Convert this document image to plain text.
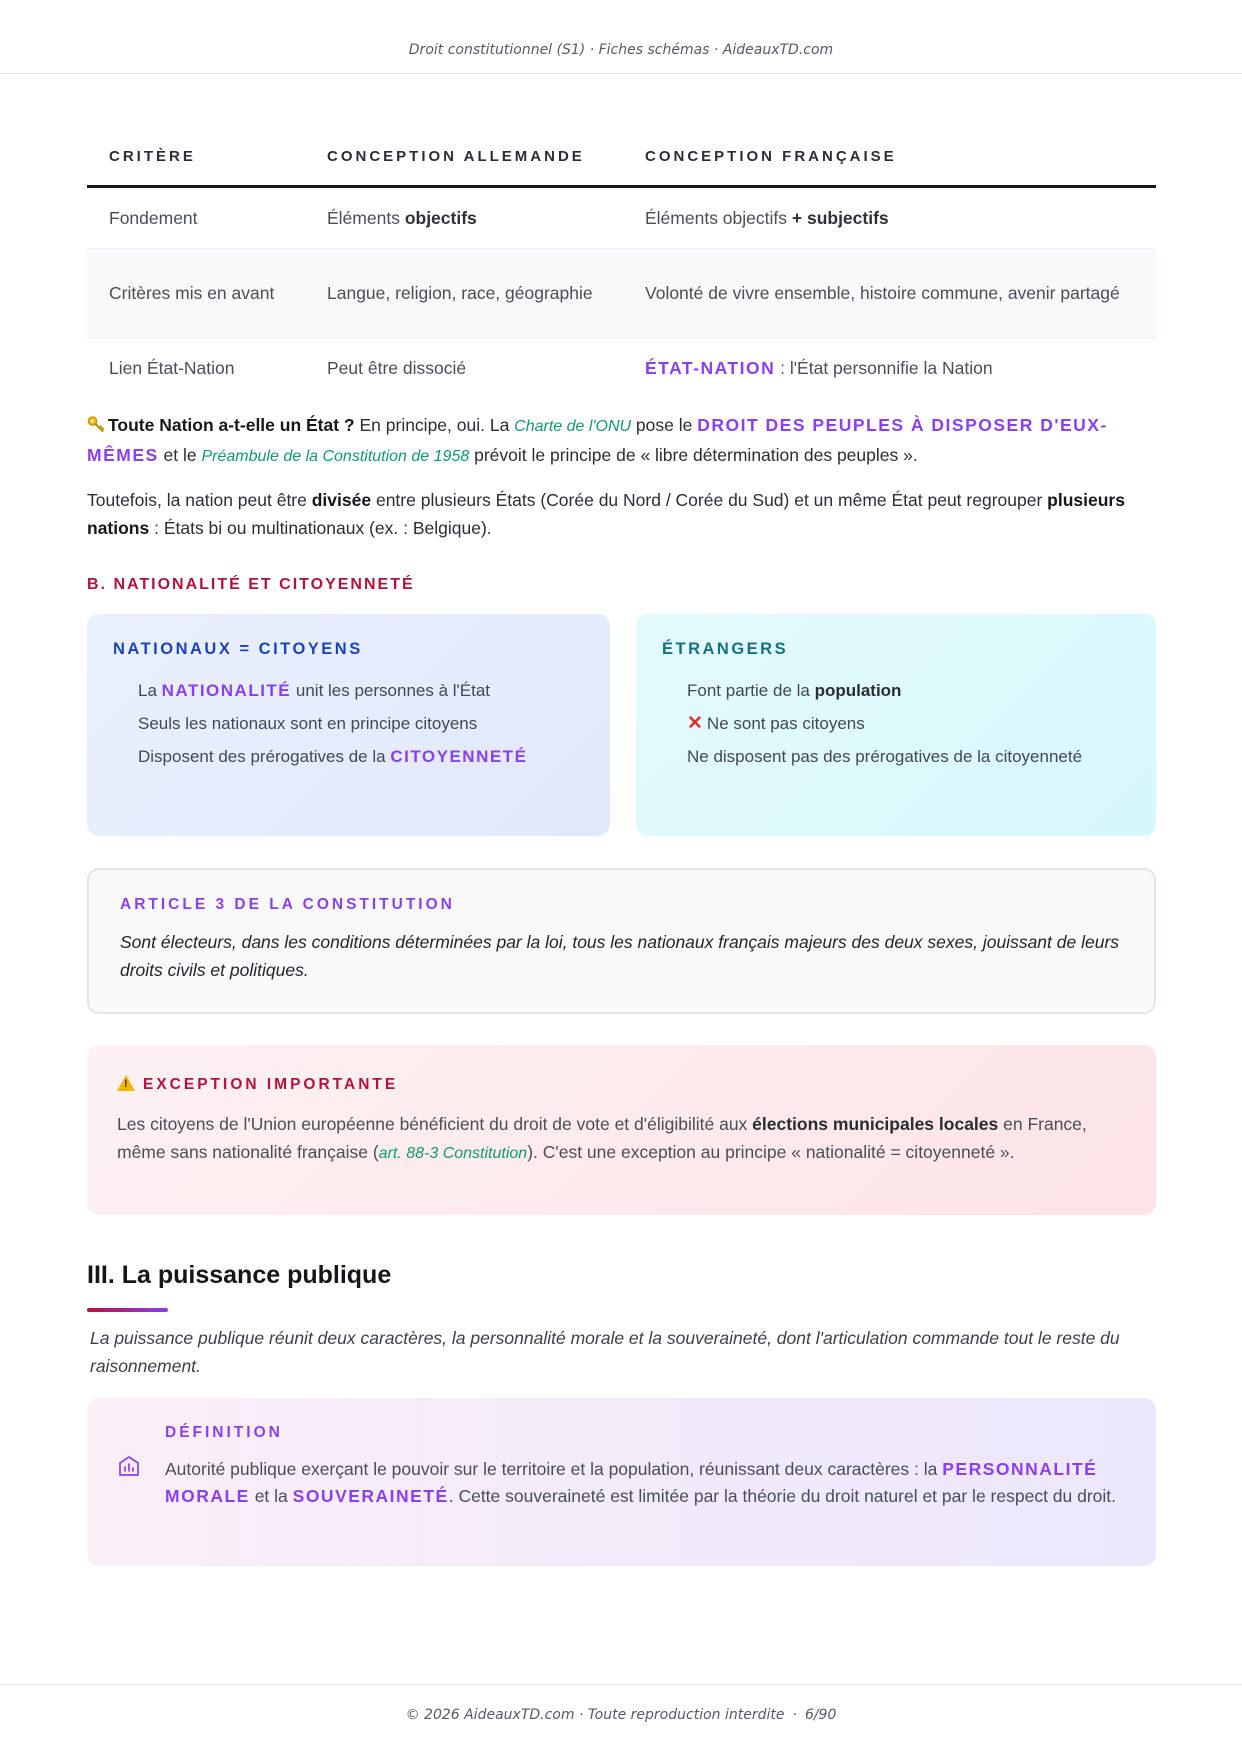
Droit constitutionnel (S1) · Fiches schémas · AideauxTD.com
CRITÈRE	CONCEPTION ALLEMANDE	CONCEPTION FRANÇAISE
Fondement	Éléments objectifs	Éléments objectifs + subjectifs
Critères mis en avant	Langue, religion, race, géographie	Volonté de vivre ensemble, histoire commune, avenir partagé
Lien État-Nation	Peut être dissocié	ÉTAT-NATION : l'État personnifie la Nation

Toute Nation a-t-elle un État ? En principe, oui. La Charte de l'ONU pose le DROIT DES PEUPLES À DISPOSER D'EUX-MÊMES et le Préambule de la Constitution de 1958 prévoit le principe de « libre détermination des peuples ».

Toutefois, la nation peut être divisée entre plusieurs États (Corée du Nord / Corée du Sud) et un même État peut regrouper plusieurs nations : États bi ou multinationaux (ex. : Belgique).

B. NATIONALITÉ ET CITOYENNETÉ
NATIONAUX = CITOYENS
La NATIONALITÉ unit les personnes à l'État
Seuls les nationaux sont en principe citoyens
Disposent des prérogatives de la CITOYENNETÉ
ÉTRANGERS
Font partie de la population
✕ Ne sont pas citoyens
Ne disposent pas des prérogatives de la citoyenneté
ARTICLE 3 DE LA CONSTITUTION

Sont électeurs, dans les conditions déterminées par la loi, tous les nationaux français majeurs des deux sexes, jouissant de leurs droits civils et politiques.

!EXCEPTION IMPORTANTE

Les citoyens de l'Union européenne bénéficient du droit de vote et d'éligibilité aux élections municipales locales en France, même sans nationalité française (art. 88-3 Constitution). C'est une exception au principe « nationalité = citoyenneté ».

III. La puissance publique

La puissance publique réunit deux caractères, la personnalité morale et la souveraineté, dont l'articulation commande tout le reste du raisonnement.

DÉFINITION

Autorité publique exerçant le pouvoir sur le territoire et la population, réunissant deux caractères : la PERSONNALITÉ MORALE et la SOUVERAINETÉ. Cette souveraineté est limitée par la théorie du droit naturel et par le respect du droit.

© 2026 AideauxTD.com · Toute reproduction interdite · 6/90
